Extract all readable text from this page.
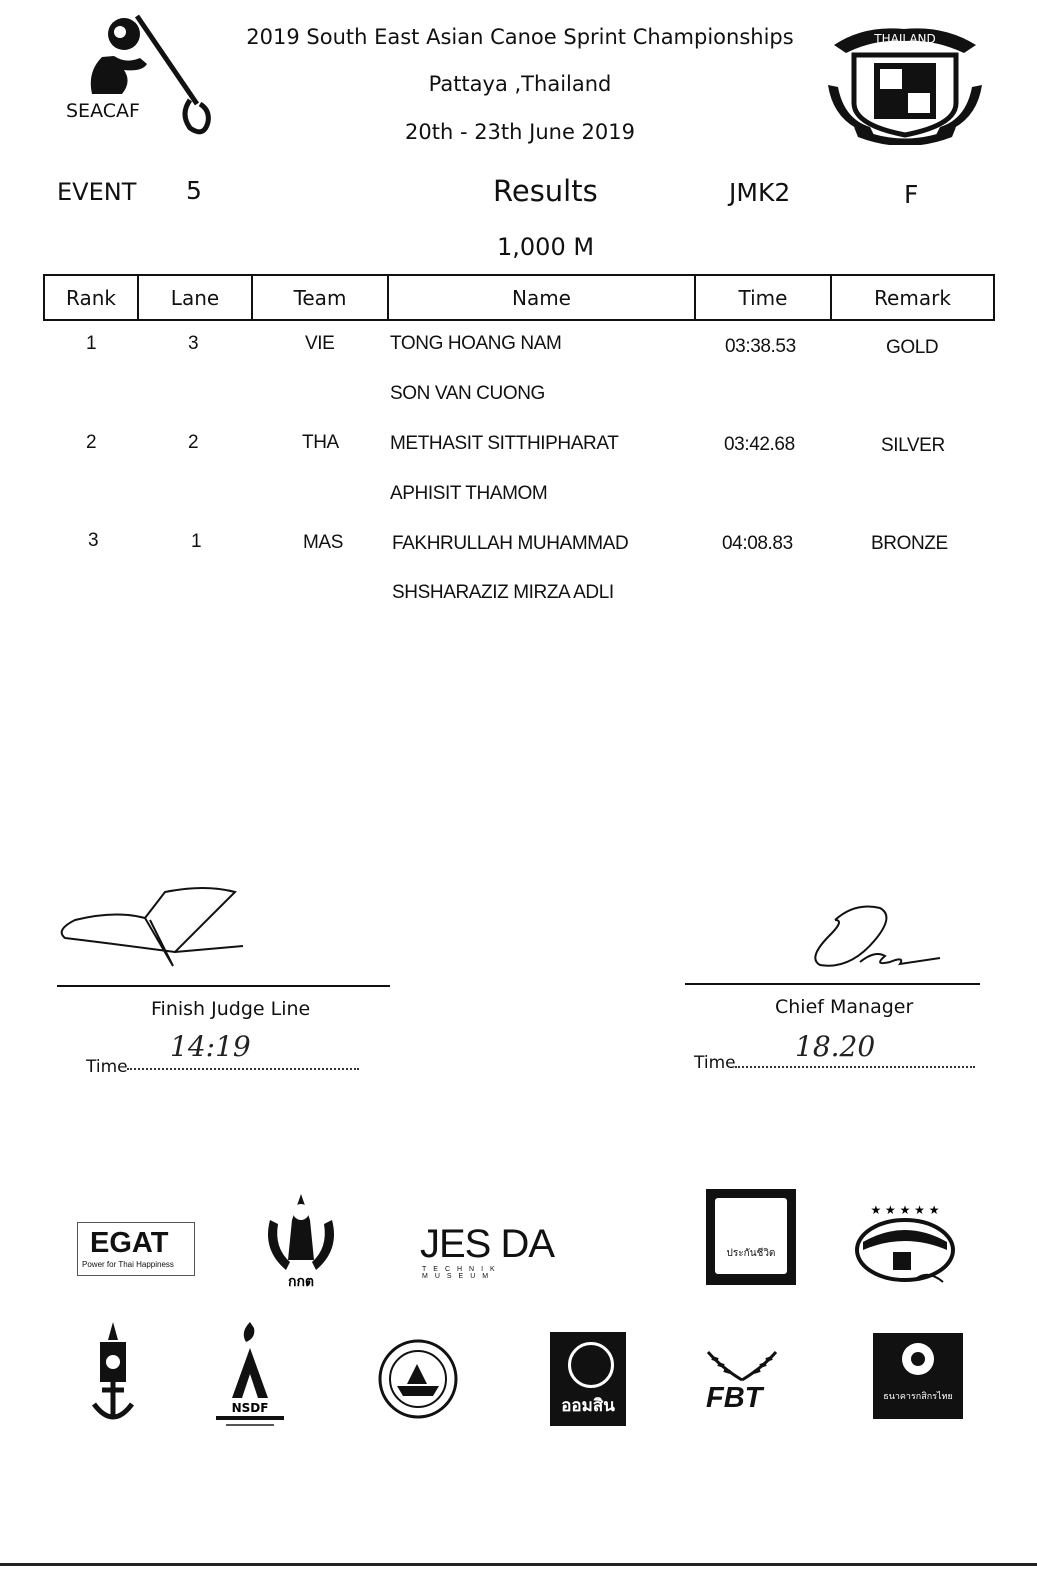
SEACAF
2019 South East Asian Canoe Sprint Championships
Pattaya ,Thailand
20th - 23th June 2019
THAILAND
EVENT 5	Results	JMK2	F
1,000 M
Rank	Lane	Team	Name	Time	Remark
1	3	VIE	TONG HOANG NAM	03:38.53	GOLD
SON VAN CUONG
2	2	THA	METHASIT SITTHIPHARAT	03:42.68	SILVER
APHISIT THAMOM
3	1	MAS	FAKHRULLAH MUHAMMAD	04:08.83	BRONZE
SHSHARAZIZ MIRZA ADLI
Finish Judge Line
Time
14:19
Chief Manager
Time 18.20
EGAT
Power for Thai Happiness
กกต
JES DA
TECHNIK MUSEUM
ประกันชีวิต
★ ★ ★ ★ ★
NSDF	ออมสิน	FBT	ธนาคารกสิกรไทย
